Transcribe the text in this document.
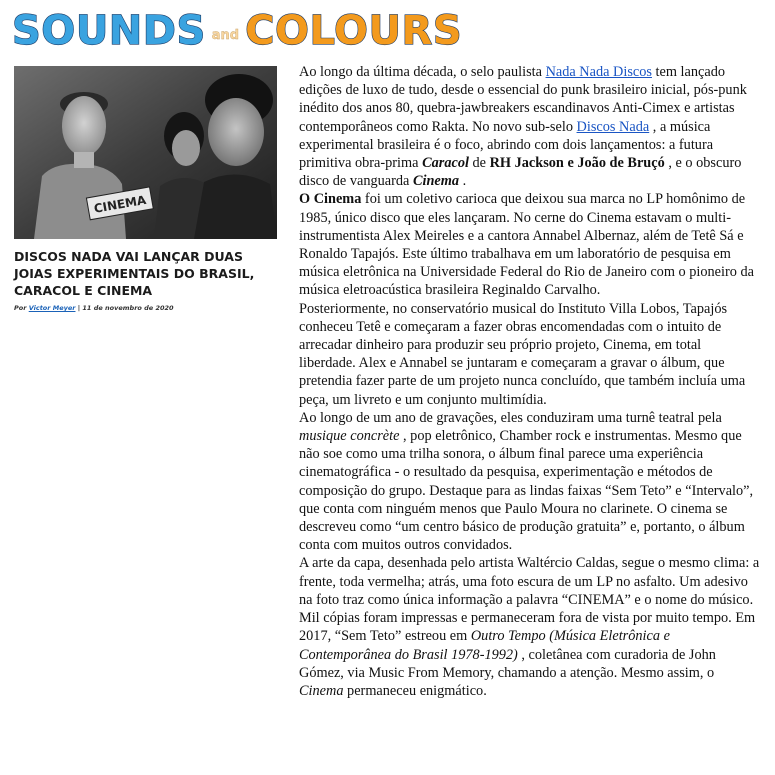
SOUNDS and COLOURS
CINEMA
DISCOS NADA VAI LANÇAR DUAS JOIAS EXPERIMENTAIS DO BRASIL, CARACOL E CINEMA
Por Victor Meyer | 11 de novembro de 2020

Ao longo da última década, o selo paulista Nada Nada Discos tem lançado edições de luxo de tudo, desde o essencial do punk brasileiro inicial, pós-punk inédito dos anos 80, quebra-jawbreakers escandinavos Anti-Cimex e artistas contemporâneos como Rakta. No novo sub-selo Discos Nada , a música experimental brasileira é o foco, abrindo com dois lançamentos: a futura primitiva obra-prima Caracol de RH Jackson e João de Bruçó , e o obscuro disco de vanguarda Cinema .

O Cinema foi um coletivo carioca que deixou sua marca no LP homônimo de 1985, único disco que eles lançaram. No cerne do Cinema estavam o multi-instrumentista Alex Meireles e a cantora Annabel Albernaz, além de Tetê Sá e Ronaldo Tapajós. Este último trabalhava em um laboratório de pesquisa em música eletrônica na Universidade Federal do Rio de Janeiro com o pioneiro da música eletroacústica brasileira Reginaldo Carvalho.

Posteriormente, no conservatório musical do Instituto Villa Lobos, Tapajós conheceu Tetê e começaram a fazer obras encomendadas com o intuito de arrecadar dinheiro para produzir seu próprio projeto, Cinema, em total liberdade. Alex e Annabel se juntaram e começaram a gravar o álbum, que pretendia fazer parte de um projeto nunca concluído, que também incluía uma peça, um livreto e um conjunto multimídia.

Ao longo de um ano de gravações, eles conduziram uma turnê teatral pela musique concrète , pop eletrônico, Chamber rock e instrumentas. Mesmo que não soe como uma trilha sonora, o álbum final parece uma experiência cinematográfica - o resultado da pesquisa, experimentação e métodos de composição do grupo. Destaque para as lindas faixas “Sem Teto” e “Intervalo”, que conta com ninguém menos que Paulo Moura no clarinete. O cinema se descreveu como “um centro básico de produção gratuita” e, portanto, o álbum conta com muitos outros convidados.

A arte da capa, desenhada pelo artista Waltércio Caldas, segue o mesmo clima: a frente, toda vermelha; atrás, uma foto escura de um LP no asfalto. Um adesivo na foto traz como única informação a palavra “CINEMA” e o nome do músico. Mil cópias foram impressas e permaneceram fora de vista por muito tempo. Em 2017, “Sem Teto” estreou em Outro Tempo (Música Eletrônica e Contemporânea do Brasil 1978-1992) , coletânea com curadoria de John Gómez, via Music From Memory, chamando a atenção. Mesmo assim, o Cinema permaneceu enigmático.
